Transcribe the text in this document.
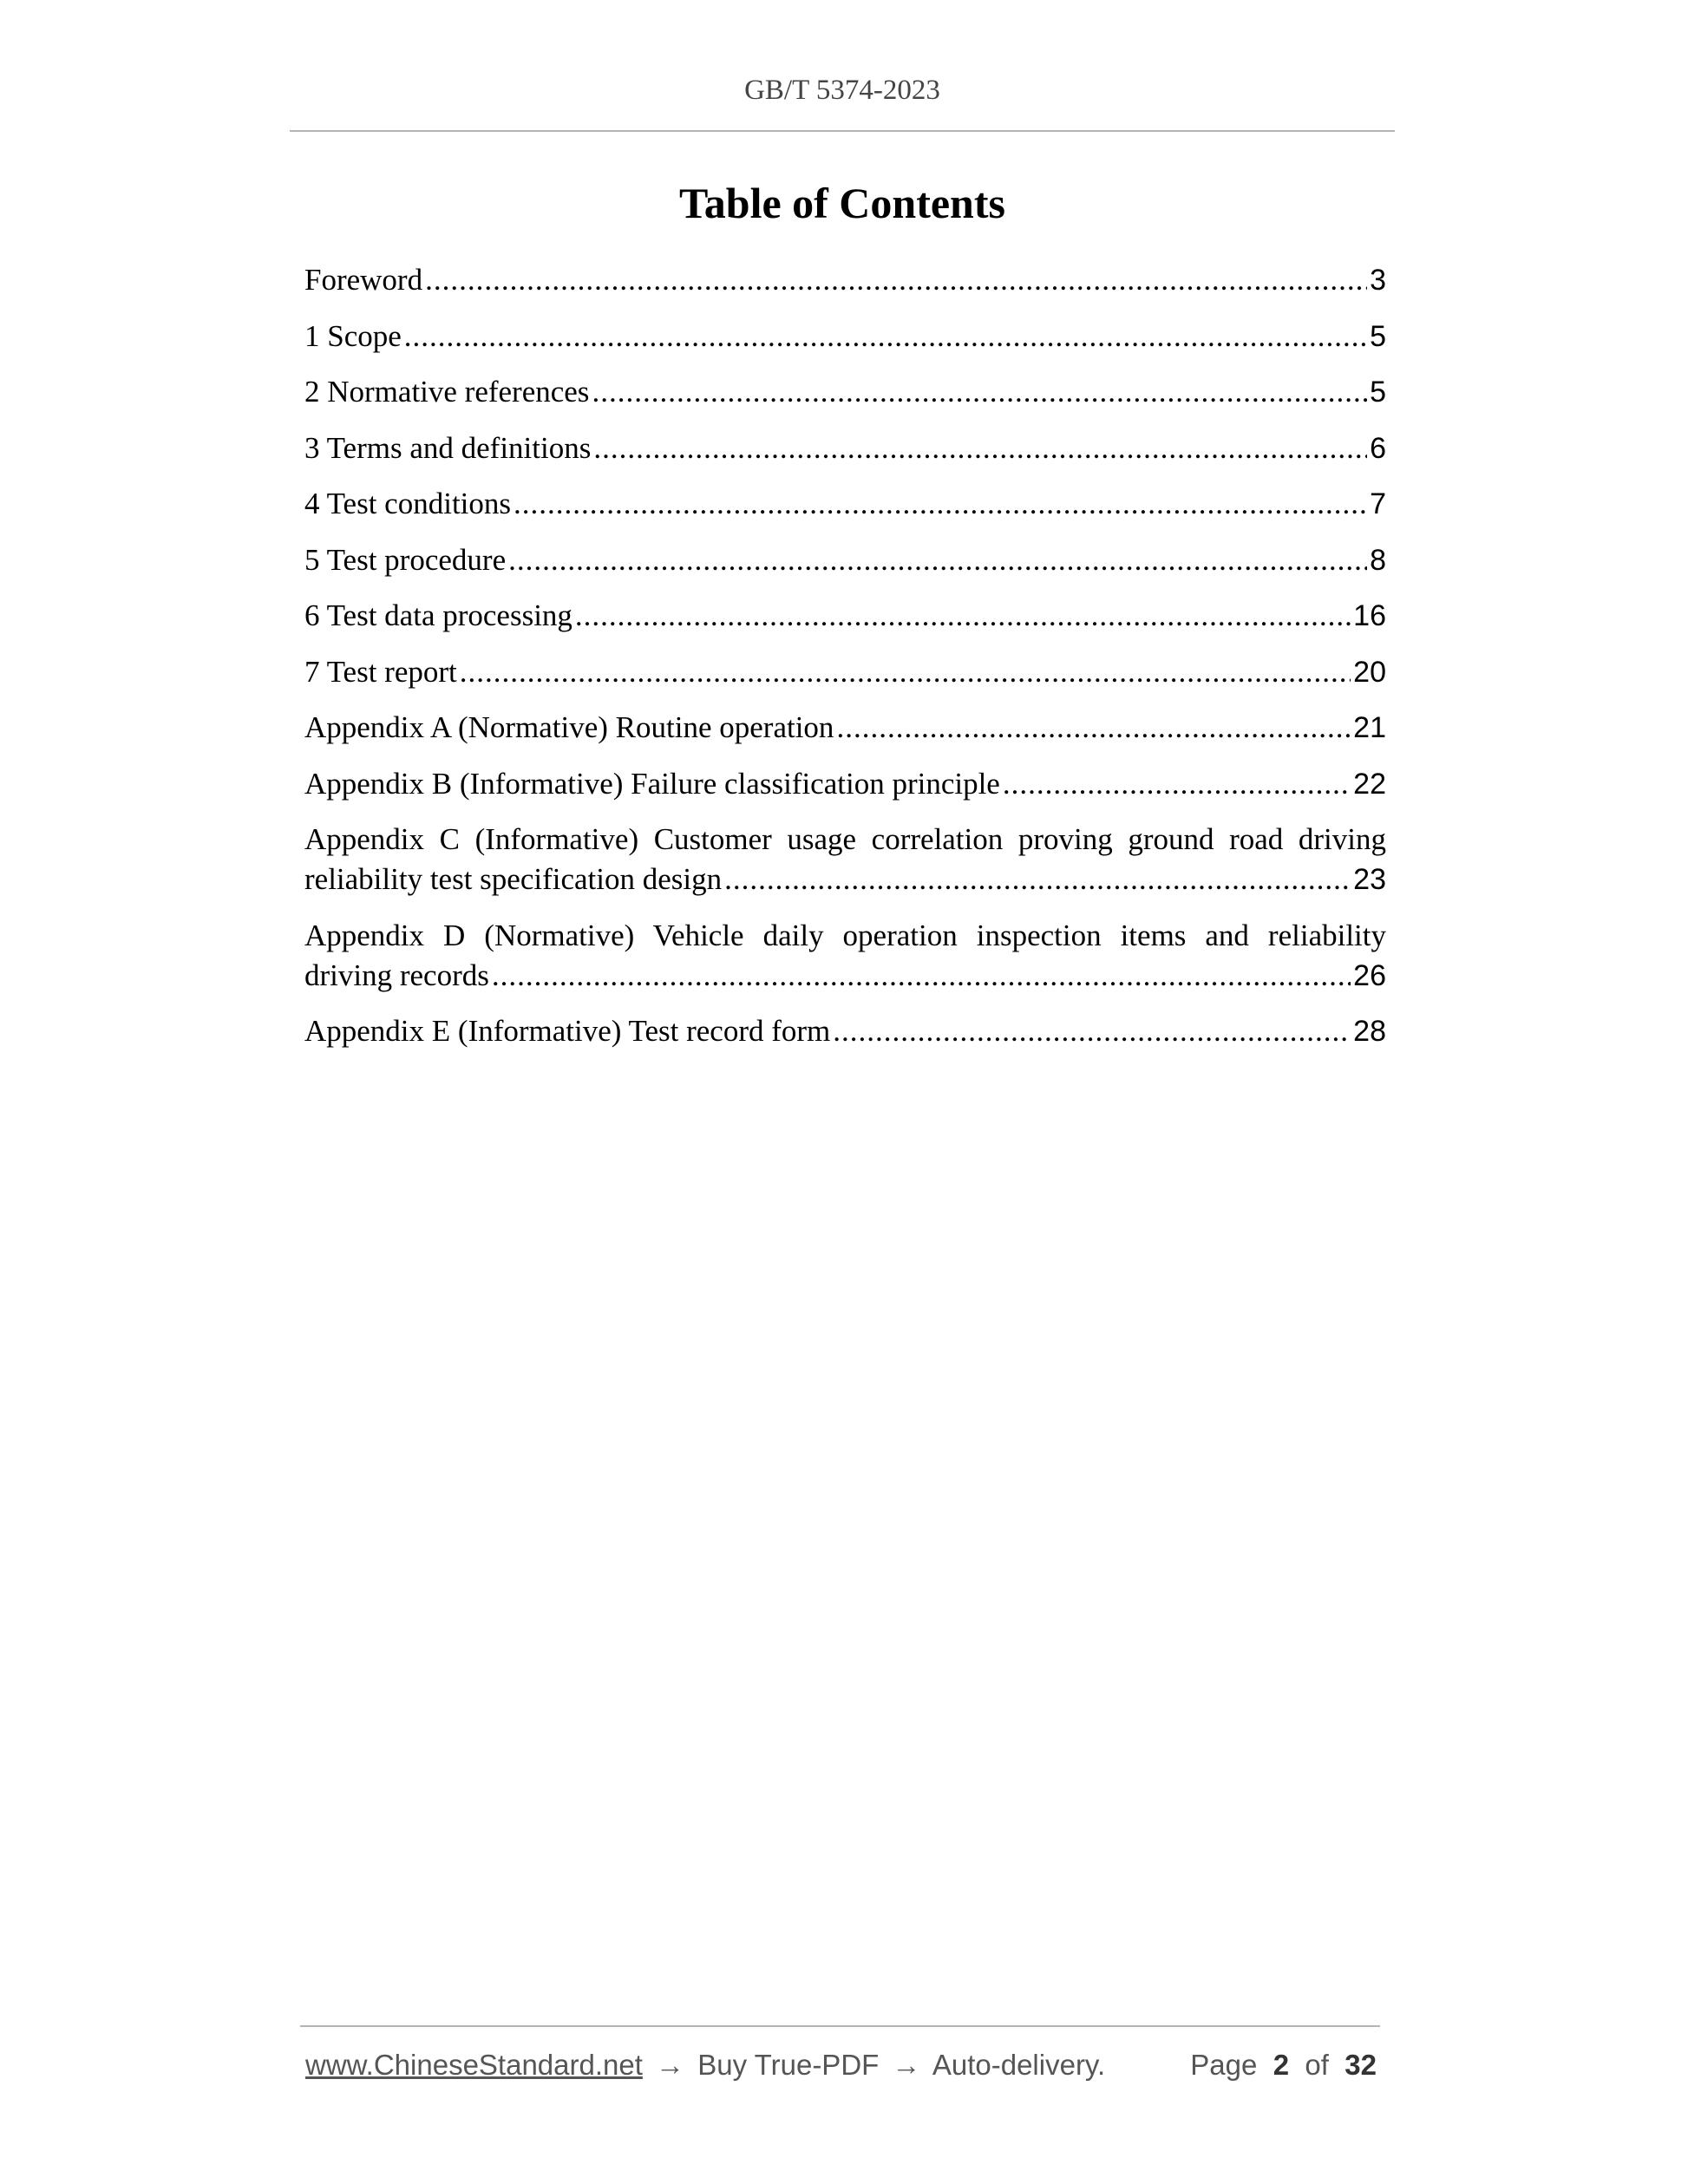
GB/T 5374-2023
Table of Contents
Foreword .....	3
1 Scope .....	5
2 Normative references .....	5
3 Terms and definitions .....	6
4 Test conditions .....	7
5 Test procedure .....	8
6 Test data processing .....	16
7 Test report .....	20
Appendix A (Normative) Routine operation .....	21
Appendix B (Informative) Failure classification principle .....	22
Appendix C (Informative) Customer usage correlation proving ground road driving
reliability test specification design .....	23
Appendix D (Normative) Vehicle daily operation inspection items and reliability
driving records .....	26
Appendix E (Informative) Test record form .....	28
www.ChineseStandard.net → Buy True-PDF → Auto-delivery.	Page 2 of 32
